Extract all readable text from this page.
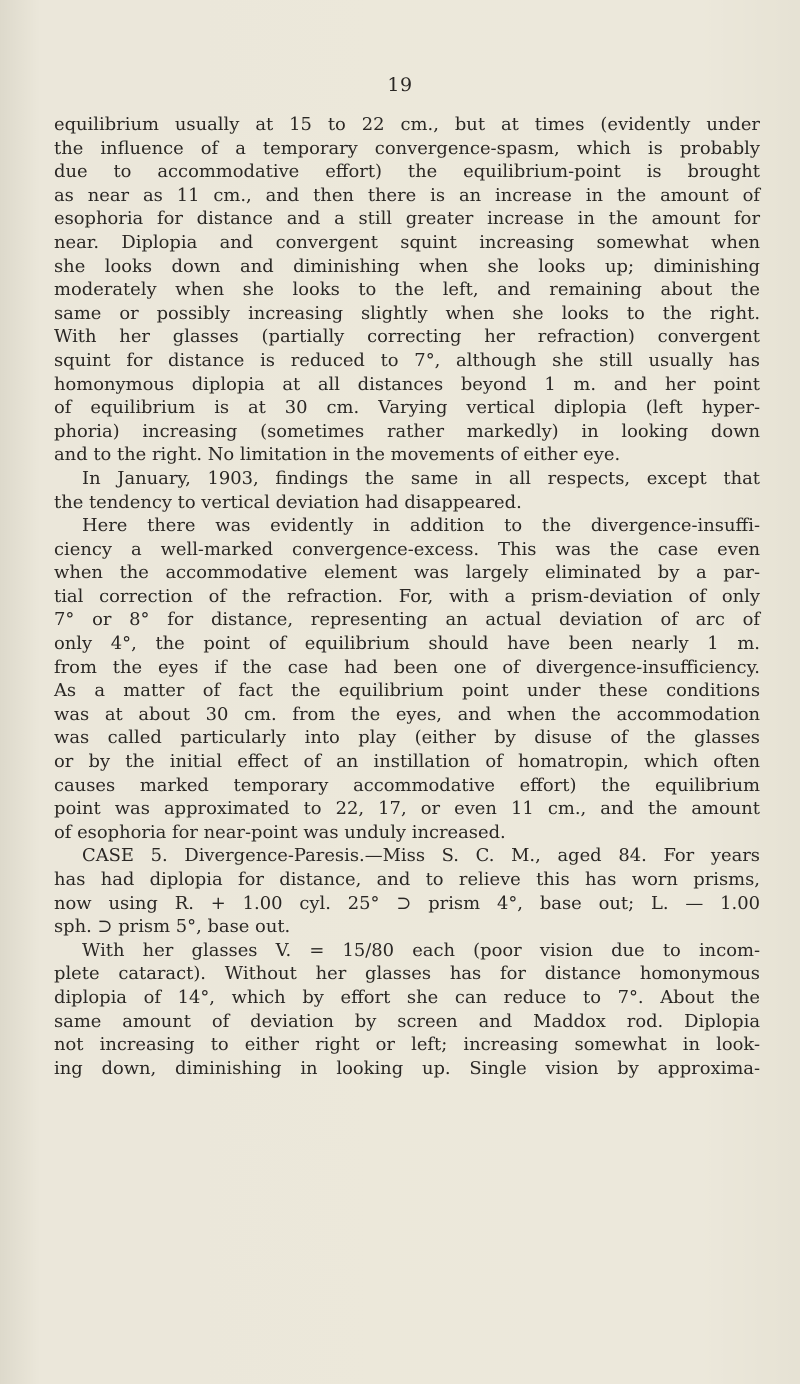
19
equilibrium usually at 15 to 22 cm., but at times (evidently under
the influence of a temporary convergence-spasm, which is probably
due to accommodative effort) the equilibrium-point is brought
as near as 11 cm., and then there is an increase in the amount of
esophoria for distance and a still greater increase in the amount for
near. Diplopia and convergent squint increasing somewhat when
she looks down and diminishing when she looks up; diminishing
moderately when she looks to the left, and remaining about the
same or possibly increasing slightly when she looks to the right.
With her glasses (partially correcting her refraction) convergent
squint for distance is reduced to 7°, although she still usually has
homonymous diplopia at all distances beyond 1 m. and her point
of equilibrium is at 30 cm. Varying vertical diplopia (left hyper-
phoria) increasing (sometimes rather markedly) in looking down
and to the right. No limitation in the movements of either eye.
In January, 1903, findings the same in all respects, except that
the tendency to vertical deviation had disappeared.
Here there was evidently in addition to the divergence-insuffi-
ciency a well-marked convergence-excess. This was the case even
when the accommodative element was largely eliminated by a par-
tial correction of the refraction. For, with a prism-deviation of only
7° or 8° for distance, representing an actual deviation of arc of
only 4°, the point of equilibrium should have been nearly 1 m.
from the eyes if the case had been one of divergence-insufficiency.
As a matter of fact the equilibrium point under these conditions
was at about 30 cm. from the eyes, and when the accommodation
was called particularly into play (either by disuse of the glasses
or by the initial effect of an instillation of homatropin, which often
causes marked temporary accommodative effort) the equilibrium
point was approximated to 22, 17, or even 11 cm., and the amount
of esophoria for near-point was unduly increased.
CASE 5. Divergence-Paresis.—Miss S. C. M., aged 84. For years
has had diplopia for distance, and to relieve this has worn prisms,
now using R. + 1.00 cyl. 25° ⊃ prism 4°, base out; L. — 1.00
sph. ⊃ prism 5°, base out.
With her glasses V. = 15/80 each (poor vision due to incom-
plete cataract). Without her glasses has for distance homonymous
diplopia of 14°, which by effort she can reduce to 7°. About the
same amount of deviation by screen and Maddox rod. Diplopia
not increasing to either right or left; increasing somewhat in look-
ing down, diminishing in looking up. Single vision by approxima-
